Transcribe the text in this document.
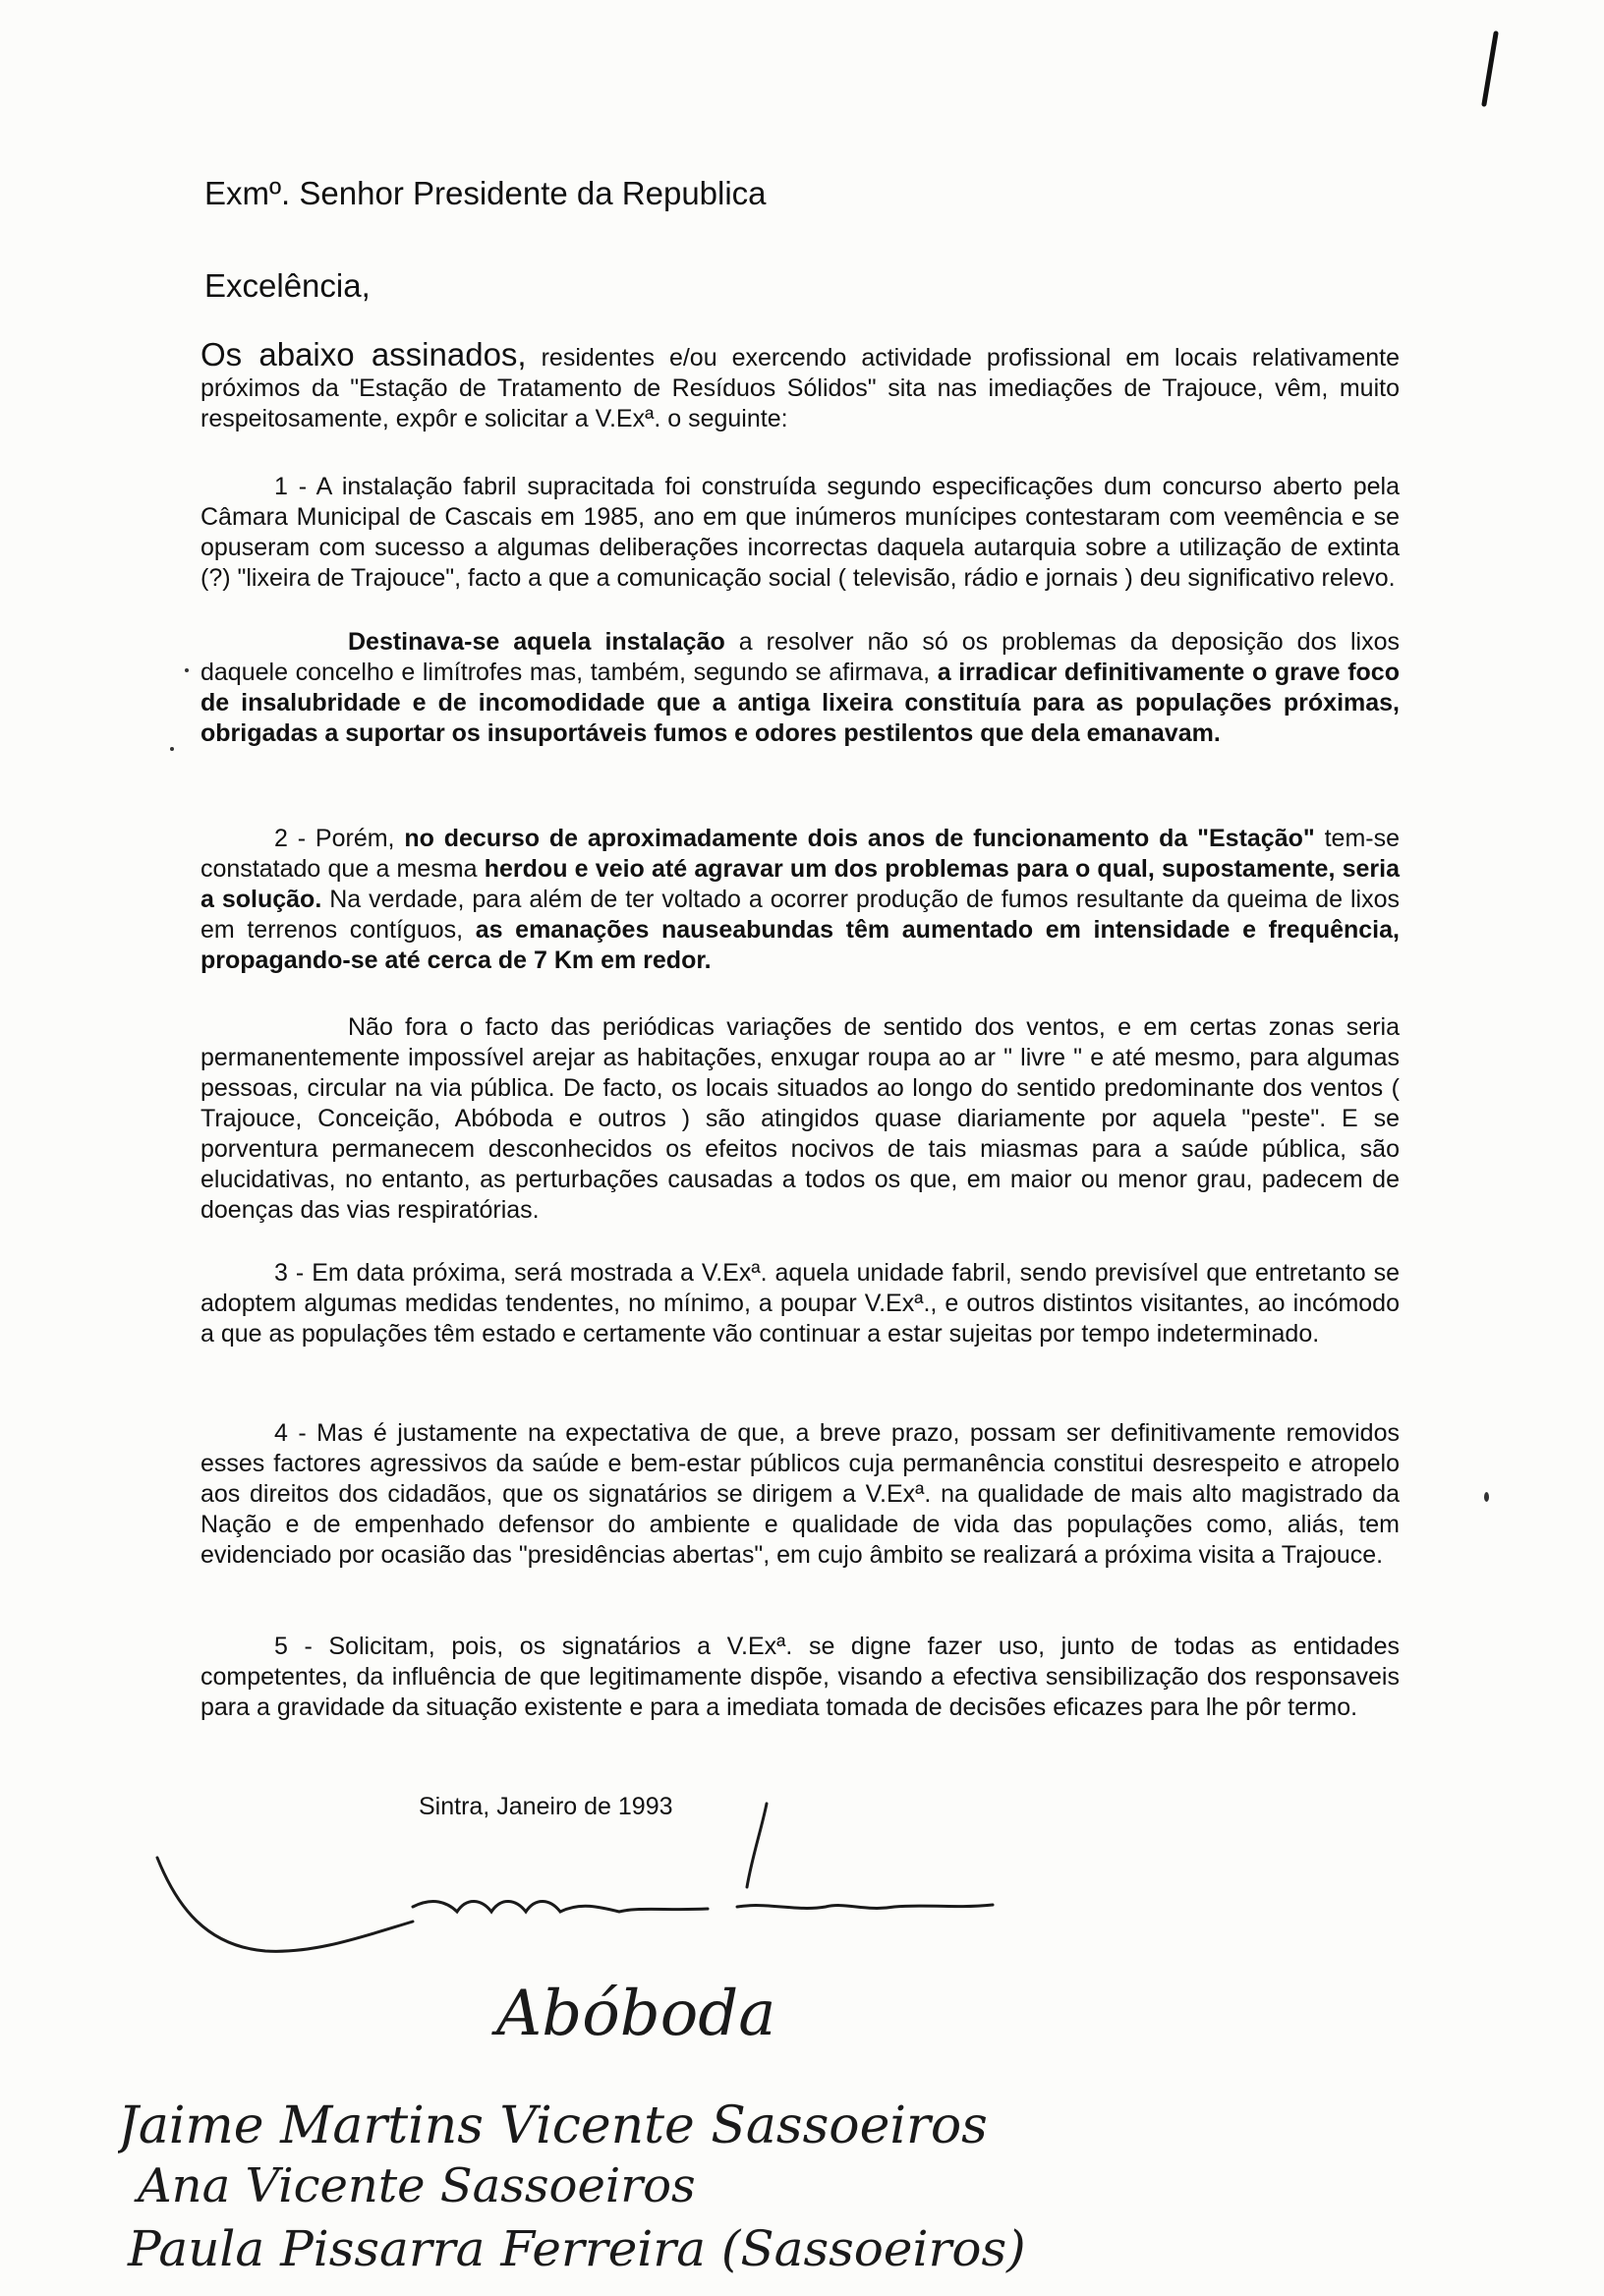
Exmº. Senhor Presidente da Republica
Excelência,
Os abaixo assinados, residentes e/ou exercendo actividade profissional em locais relativamente próximos da "Estação de Tratamento de Resíduos Sólidos" sita nas imediações de Trajouce, vêm, muito respeitosamente, expôr e solicitar a V.Exª. o seguinte:
1 - A instalação fabril supracitada foi construída segundo especificações dum concurso aberto pela Câmara Municipal de Cascais em 1985, ano em que inúmeros munícipes contestaram com veemência e se opuseram com sucesso a algumas deliberações incorrectas daquela autarquia sobre a utilização de extinta (?) "lixeira de Trajouce", facto a que a comunicação social ( televisão, rádio e jornais ) deu significativo relevo.
Destinava-se aquela instalação a resolver não só os problemas da deposição dos lixos daquele concelho e limítrofes mas, também, segundo se afirmava, a irradicar definitivamente o grave foco de insalubridade e de incomodidade que a antiga lixeira constituía para as populações próximas, obrigadas a suportar os insuportáveis fumos e odores pestilentos que dela emanavam.
2 - Porém, no decurso de aproximadamente dois anos de funcionamento da "Estação" tem-se constatado que a mesma herdou e veio até agravar um dos problemas para o qual, supostamente, seria a solução. Na verdade, para além de ter voltado a ocorrer produção de fumos resultante da queima de lixos em terrenos contíguos, as emanações nauseabundas têm aumentado em intensidade e frequência, propagando-se até cerca de 7 Km em redor.
Não fora o facto das periódicas variações de sentido dos ventos, e em certas zonas seria permanentemente impossível arejar as habitações, enxugar roupa ao ar " livre " e até mesmo, para algumas pessoas, circular na via pública. De facto, os locais situados ao longo do sentido predominante dos ventos ( Trajouce, Conceição, Abóboda e outros ) são atingidos quase diariamente por aquela "peste". E se porventura permanecem desconhecidos os efeitos nocivos de tais miasmas para a saúde pública, são elucidativas, no entanto, as perturbações causadas a todos os que, em maior ou menor grau, padecem de doenças das vias respiratórias.
3 - Em data próxima, será mostrada a V.Exª. aquela unidade fabril, sendo previsível que entretanto se adoptem algumas medidas tendentes, no mínimo, a poupar V.Exª., e outros distintos visitantes, ao incómodo a que as populações têm estado e certamente vão continuar a estar sujeitas por tempo indeterminado.
4 - Mas é justamente na expectativa de que, a breve prazo, possam ser definitivamente removidos esses factores agressivos da saúde e bem-estar públicos cuja permanência constitui desrespeito e atropelo aos direitos dos cidadãos, que os signatários se dirigem a V.Exª. na qualidade de mais alto magistrado da Nação e de empenhado defensor do ambiente e qualidade de vida das populações como, aliás, tem evidenciado por ocasião das "presidências abertas", em cujo âmbito se realizará a próxima visita a Trajouce.
5 - Solicitam, pois, os signatários a V.Exª. se digne fazer uso, junto de todas as entidades competentes, da influência de que legitimamente dispõe, visando a efectiva sensibilização dos responsaveis para a gravidade da situação existente e para a imediata tomada de decisões eficazes para lhe pôr termo.
Sintra, Janeiro de 1993
Abóboda
Jaime Martins Vicente Sassoeiros
Ana Vicente Sassoeiros
Paula Pissarra Ferreira (Sassoeiros)
